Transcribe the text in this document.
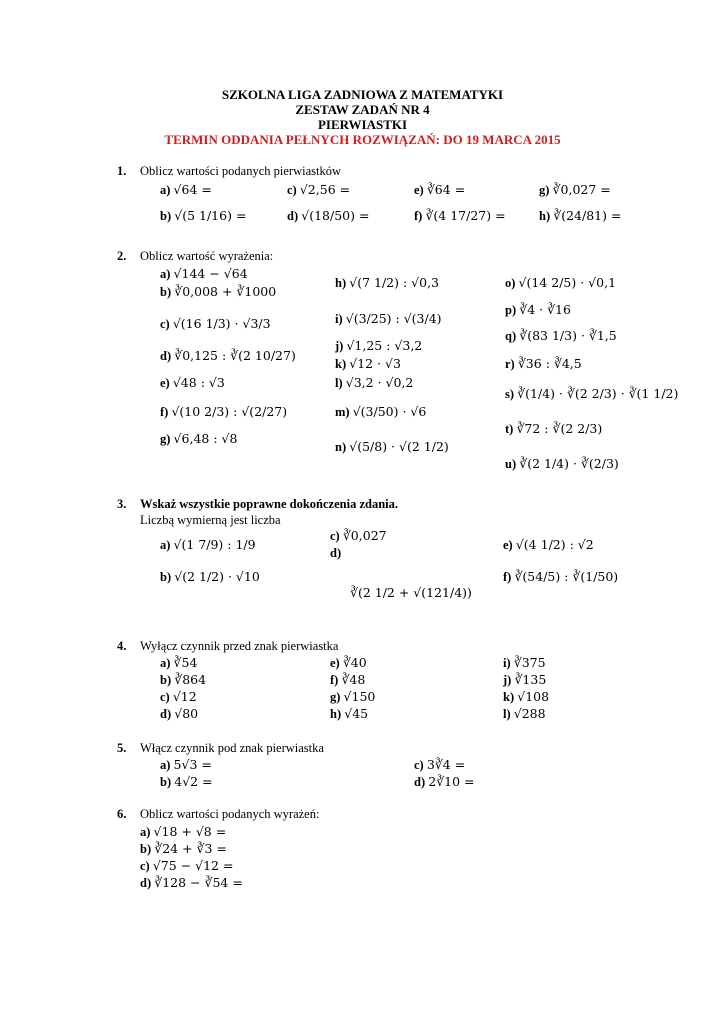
SZKOLNA LIGA ZADNIOWA Z MATEMATYKI
ZESTAW ZADAŃ NR 4
PIERWIASTKI
TERMIN ODDANIA PEŁNYCH ROZWIĄZAŃ: DO 19 MARCA 2015
1. Oblicz wartości podanych pierwiastków
a) √64 =	c) √2,56 =	e) ∛64 =	g) ∛0,027 =
b) √(5 1/16) =	d) √(18/50) =	f) ∛(4 17/27) =	h) ∛(24/81) =
2. Oblicz wartość wyrażenia:
a) √144 − √64
b) ∛0,008 + ∛1000
c) √(16 1/3) · √3/3
d) ∛0,125 : ∛(2 10/27)
e) √48 : √3
f) √(10 2/3) : √(2/27)
g) √6,48 : √8
h) √(7 1/2) : √0,3
i) √(3/25) : √(3/4)
j) √1,25 : √3,2
k) √12 · √3
l) √3,2 · √0,2
m) √(3/50) · √6
n) √(5/8) · √(2 1/2)
o) √(14 2/5) · √0,1
p) ∛4 · ∛16
q) ∛(83 1/3) · ∛1,5
r) ∛36 : ∛4,5
s) ∛(1/4) · ∛(2 2/3) · ∛(1 1/2)
t) ∛72 : ∛(2 2/3)
u) ∛(2 1/4) · ∛(2/3)
3. Wskaż wszystkie poprawne dokończenia zdania.
Liczbą wymierną jest liczba
a) √(1 7/9) : 1/9
b) √(2 1/2) · √10
c) ∛0,027
d)
∛(2 1/2 + √(121/4))
e) √(4 1/2) : √2
f) ∛(54/5) : ∛(1/50)
4. Wyłącz czynnik przed znak pierwiastka
a) ∛54
b) ∛864
c) √12
d) √80
e) ∛40
f) ∛48
g) √150
h) √45
i) ∛375
j) ∛135
k) √108
l) √288
5. Włącz czynnik pod znak pierwiastka
a) 5√3 =
b) 4√2 =
c) 3∛4 =
d) 2∛10 =
6. Oblicz wartości podanych wyrażeń:
a) √18 + √8 =
b) ∛24 + ∛3 =
c) √75 − √12 =
d) ∛128 − ∛54 =
